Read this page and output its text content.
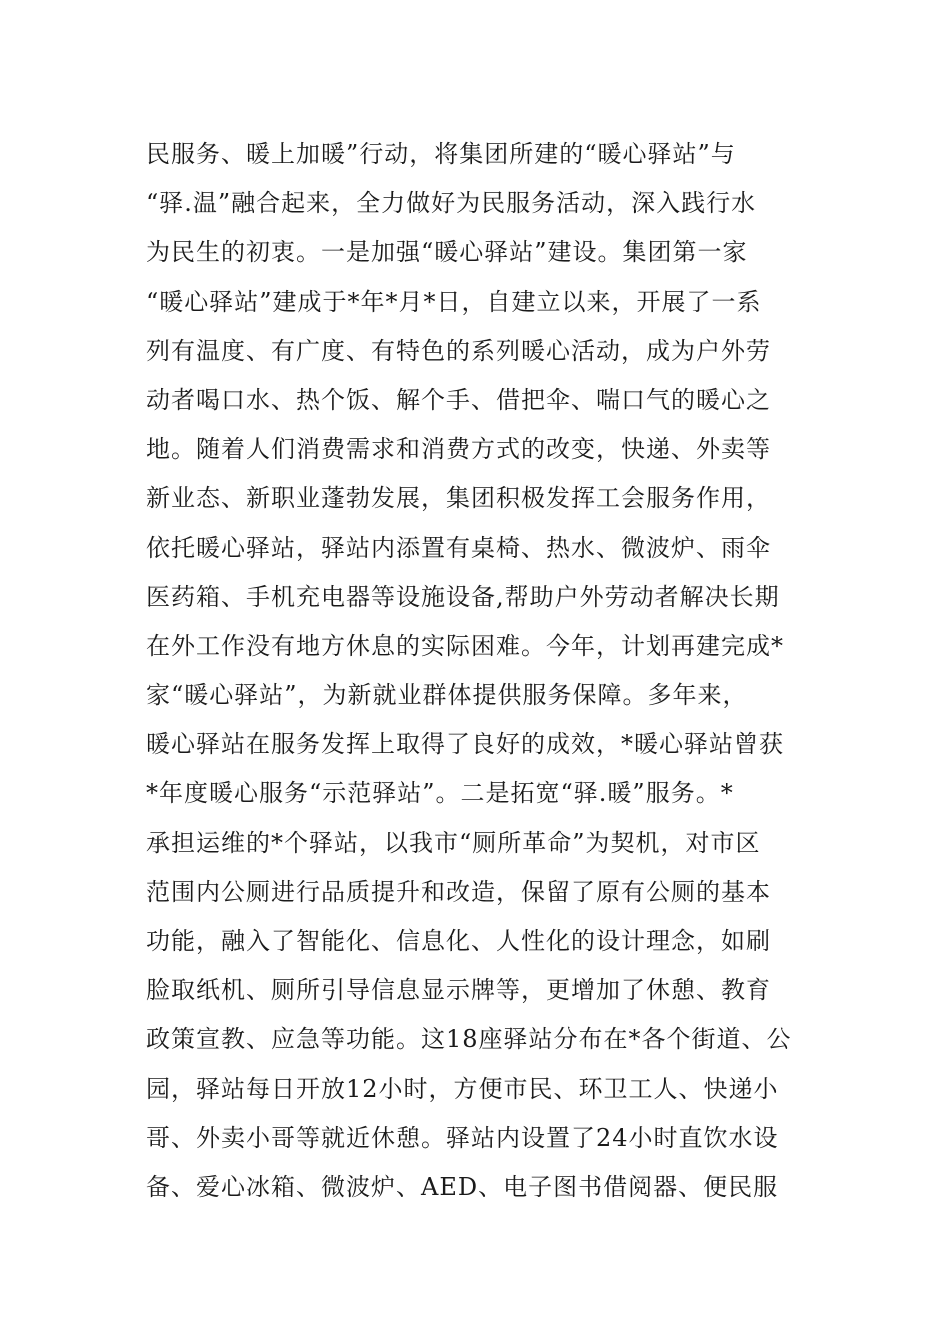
民服务、暖上加暖”行动，将集团所建的“暖心驿站”与
“驿.温”融合起来，全力做好为民服务活动，深入践行水
为民生的初衷。一是加强“暖心驿站”建设。集团第一家
“暖心驿站”建成于*年*月*日，自建立以来，开展了一系
列有温度、有广度、有特色的系列暖心活动，成为户外劳
动者喝口水、热个饭、解个手、借把伞、喘口气的暖心之
地。随着人们消费需求和消费方式的改变，快递、外卖等
新业态、新职业蓬勃发展，集团积极发挥工会服务作用，
依托暖心驿站，驿站内添置有桌椅、热水、微波炉、雨伞
医药箱、手机充电器等设施设备,帮助户外劳动者解决长期
在外工作没有地方休息的实际困难。今年，计划再建完成*
家“暖心驿站”，为新就业群体提供服务保障。多年来，
暖心驿站在服务发挥上取得了良好的成效，*暖心驿站曾获
*年度暖心服务“示范驿站”。二是拓宽“驿.暖”服务。*
承担运维的*个驿站，以我市“厕所革命”为契机，对市区
范围内公厕进行品质提升和改造，保留了原有公厕的基本
功能，融入了智能化、信息化、人性化的设计理念，如刷
脸取纸机、厕所引导信息显示牌等，更增加了休憩、教育
政策宣教、应急等功能。这18座驿站分布在*各个街道、公
园，驿站每日开放12小时，方便市民、环卫工人、快递小
哥、外卖小哥等就近休憩。驿站内设置了24小时直饮水设
备、爱心冰箱、微波炉、AED、电子图书借阅器、便民服
